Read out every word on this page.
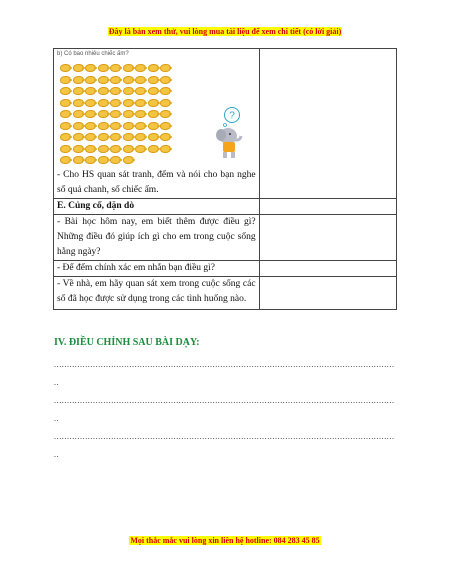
Đây là bản xem thử, vui lòng mua tài liệu để xem chi tiết (có lời giải)
b) Có bao nhiêu chiếc ấm?
?
- Cho HS quan sát tranh, đếm và nói cho bạn nghe số quả chanh, số chiếc ấm.	

E. Củng cố, dặn dò	
- Bài học hôm nay, em biết thêm được điều gì? Những điều đó giúp ích gì cho em trong cuộc sống hằng ngày?	
- Để đếm chính xác em nhắn bạn điều gì?	
- Về nhà, em hãy quan sát xem trong cuộc sống các số đã học được sử dụng trong các tình huống nào.	
IV. ĐIỀU CHỈNH SAU BÀI DẠY:
...................................................................................................................................
..
...................................................................................................................................
..
...................................................................................................................................
..
Mọi thắc mắc vui lòng xin liên hệ hotline: 084 283 45 85
